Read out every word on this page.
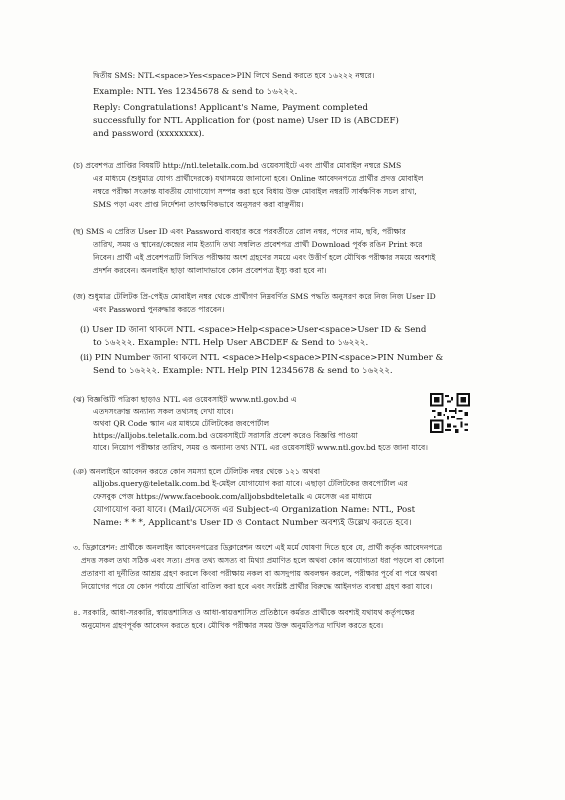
দ্বিতীয় SMS: NTL<space>Yes<space>PIN লিখে Send করতে হবে ১৬২২২ নম্বরে।
Example: NTL Yes 12345678 & send to ১৬২২২.
Reply: Congratulations! Applicant's Name, Payment completed
successfully for NTL Application for (post name) User ID is (ABCDEF)
and password (xxxxxxxx).
(চ) প্রবেশপত্র প্রাপ্তির বিষয়টি http://ntl.teletalk.com.bd ওয়েবসাইটে এবং প্রার্থীর মোবাইল নম্বরে SMS
এর মাধ্যমে (শুধুমাত্র যোগ্য প্রার্থীদেরকে) যথাসময়ে জানানো হবে। Online আবেদনপত্রে প্রার্থীর প্রদত্ত মোবাইল
নম্বরে পরীক্ষা সংক্রান্ত যাবতীয় যোগাযোগ সম্পন্ন করা হবে বিধায় উক্ত মোবাইল নম্বরটি সার্বক্ষণিক সচল রাখা,
SMS পড়া এবং প্রাপ্ত নির্দেশনা তাৎক্ষণিকভাবে অনুসরণ করা বাঞ্ছনীয়।
(ছ) SMS এ প্রেরিত User ID এবং Password ব্যবহার করে পরবর্তীতে রোল নম্বর, পদের নাম, ছবি, পরীক্ষার
তারিখ, সময় ও স্থানের/কেন্দ্রের নাম ইত্যাদি তথ্য সম্বলিত প্রবেশপত্র প্রার্থী Download পূর্বক রঙিন Print করে
নিবেন। প্রার্থী এই প্রবেশপত্রটি লিখিত পরীক্ষায় অংশ গ্রহণের সময়ে এবং উত্তীর্ণ হলে মৌখিক পরীক্ষার সময়ে অবশ্যই
প্রদর্শন করবেন। অনলাইন ছাড়া আলাদাভাবে কোন প্রবেশপত্র ইস্যু করা হবে না।
(জ) শুধুমাত্র টেলিটক প্রি-পেইড মোবাইল নম্বর থেকে প্রার্থীগণ নিম্নবর্ণিত SMS পদ্ধতি অনুসরণ করে নিজ নিজ User ID
এবং Password পুনরুদ্ধার করতে পারবেন।
(i) User ID জানা থাকলে NTL <space>Help<space>User<space>User ID & Send
to ১৬২২২. Example: NTL Help User ABCDEF & Send to ১৬২২২.
(ii) PIN Number জানা থাকলে NTL <space>Help<space>PIN<space>PIN Number &
Send to ১৬২২২. Example: NTL Help PIN 12345678 & send to ১৬২২২.
(ঝ) বিজ্ঞপ্তিটি পত্রিকা ছাড়াও NTL এর ওয়েবসাইট www.ntl.gov.bd এ
এতদসংক্রান্ত অন্যান্য সকল তথ্যসহ দেখা যাবে।
অথবা QR Code স্ক্যান এর মাধ্যমে টেলিটকের জবপোর্টাল
https://alljobs.teletalk.com.bd ওয়েবসাইটে সরাসরি প্রবেশ করেও বিজ্ঞপ্তি পাওয়া
যাবে। নিয়োগ পরীক্ষার তারিখ, সময় ও অন্যান্য তথ্য NTL এর ওয়েবসাইট www.ntl.gov.bd হতে জানা যাবে।
(ঞ) অনলাইনে আবেদন করতে কোন সমস্যা হলে টেলিটক নম্বর থেকে ১২১ অথবা
alljobs.query@teletalk.com.bd ই-মেইল যোগাযোগ করা যাবে। এছাড়া টেলিটকের জবপোর্টাল এর
ফেসবুক পেজ https://www.facebook.com/alljobsbdteletalk এ মেসেজ এর মাধ্যমে
যোগাযোগ করা যাবে। (Mail/মেসেজ এর Subject-এ Organization Name: NTL, Post
Name: * * *, Applicant's User ID ও Contact Number অবশ্যই উল্লেখ করতে হবে।
৩. ডিক্লারেশন: প্রার্থীকে অনলাইন আবেদনপত্রের ডিক্লারেশন অংশে এই মর্মে ঘোষণা দিতে হবে যে, প্রার্থী কর্তৃক আবেদনপত্রে
প্রদত্ত সকল তথ্য সঠিক এবং সত্য। প্রদত্ত তথ্য অসত্য বা মিথ্যা প্রমাণিত হলে অথবা কোন অযোগ্যতা ধরা পড়লে বা কোনো
প্রতারণা বা দুর্নীতির আশ্রয় গ্রহণ করলে কিংবা পরীক্ষায় নকল বা অসদুপায় অবলম্বন করলে, পরীক্ষার পূর্বে বা পরে অথবা
নিয়োগের পরে যে কোন পর্যায়ে প্রার্থিতা বাতিল করা হবে এবং সংশ্লিষ্ট প্রার্থীর বিরুদ্ধে আইনগত ব্যবস্থা গ্রহণ করা যাবে।
৪. সরকারি, আধা-সরকারি, স্বায়ত্তশাসিত ও আধা-স্বায়ত্তশাসিত প্রতিষ্ঠানে কর্মরত প্রার্থীকে অবশ্যই যথাযথ কর্তৃপক্ষের
অনুমোদন গ্রহণপূর্বক আবেদন করতে হবে। মৌখিক পরীক্ষার সময় উক্ত অনুমতিপত্র দাখিল করতে হবে।
